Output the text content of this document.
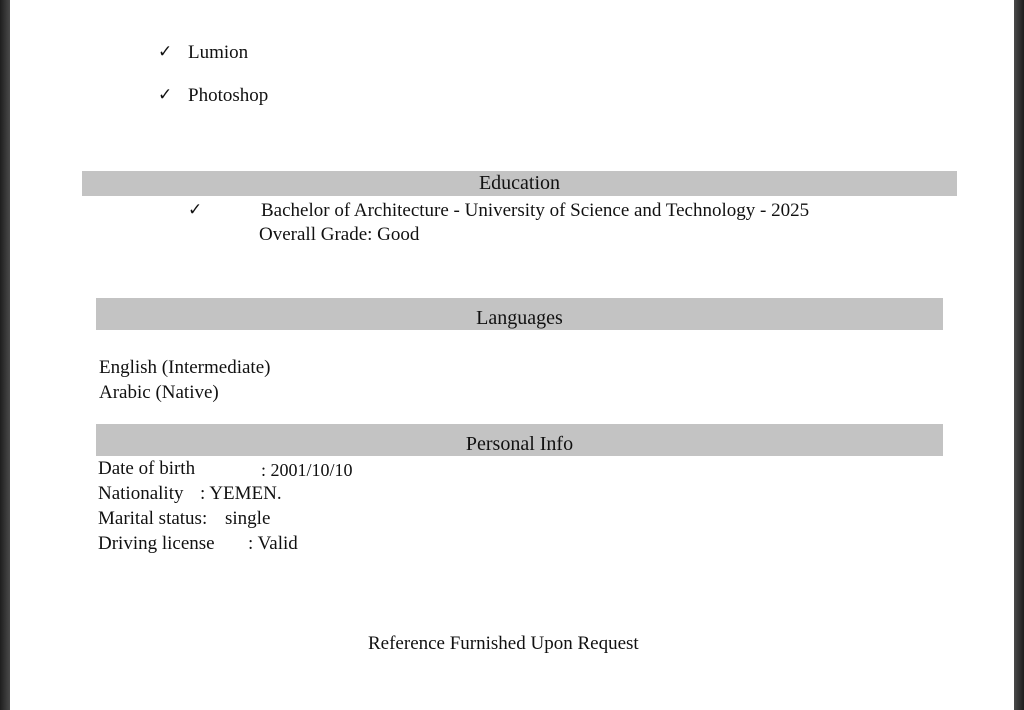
✓ Lumion
✓ Photoshop
Education
✓	Bachelor of Architecture - University of Science and Technology - 2025
Overall Grade: Good
Languages
English (Intermediate)
Arabic (Native)
Personal Info
Date of birth	: 2001/10/10
Nationality : YEMEN.
Marital status: single
Driving license : Valid
Reference Furnished Upon Request
